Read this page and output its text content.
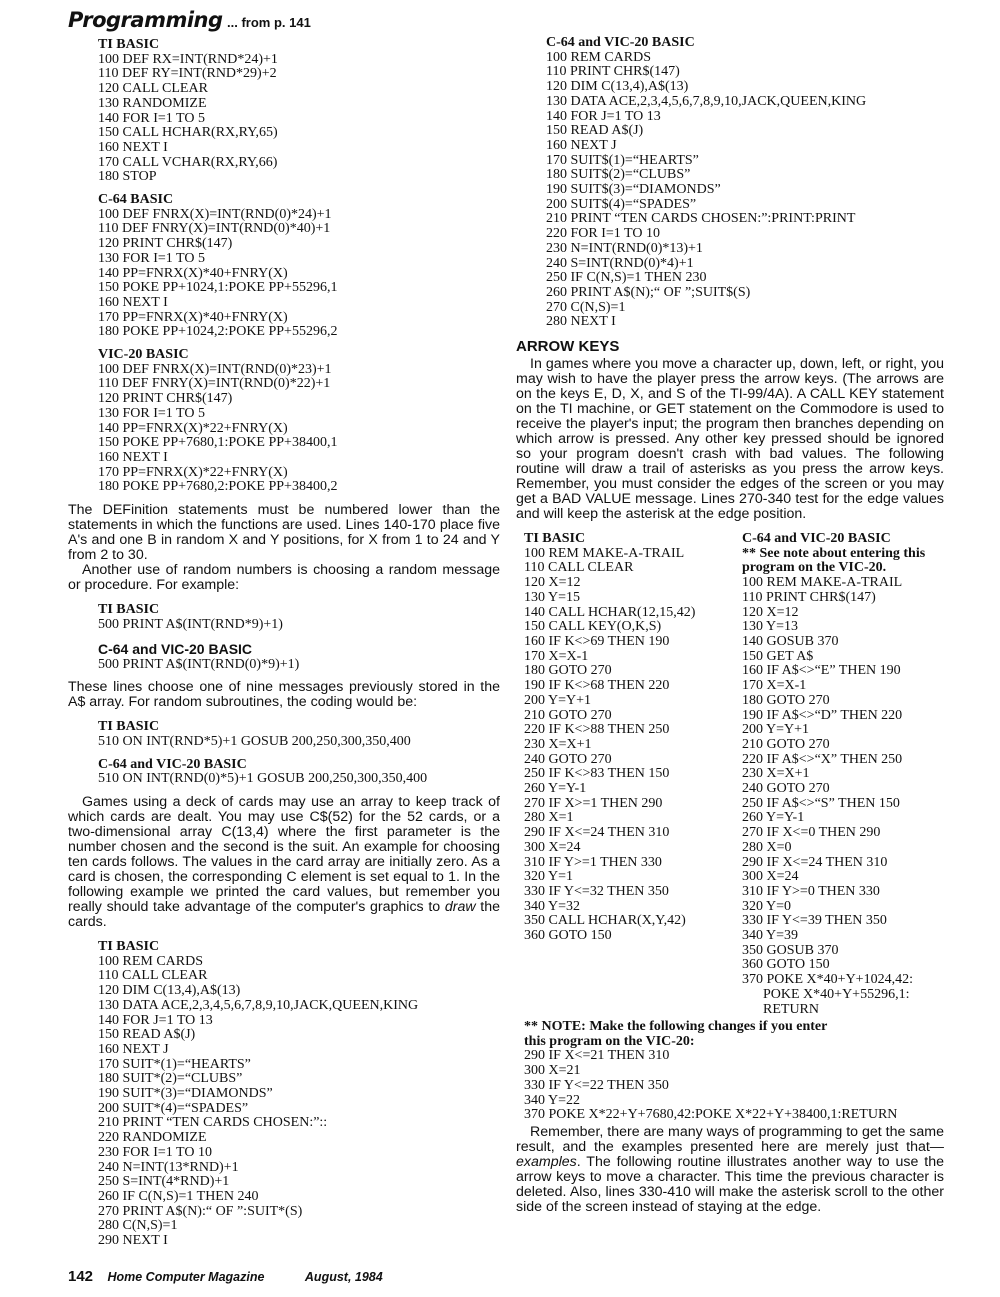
Programming ... from p. 141
TI BASIC
100 DEF RX=INT(RND*24)+1
110 DEF RY=INT(RND*29)+2
120 CALL CLEAR
130 RANDOMIZE
140 FOR I=1 TO 5
150 CALL HCHAR(RX,RY,65)
160 NEXT I
170 CALL VCHAR(RX,RY,66)
180 STOP
C-64 BASIC
100 DEF FNRX(X)=INT(RND(0)*24)+1
110 DEF FNRY(X)=INT(RND(0)*40)+1
120 PRINT CHR$(147)
130 FOR I=1 TO 5
140 PP=FNRX(X)*40+FNRY(X)
150 POKE PP+1024,1:POKE PP+55296,1
160 NEXT I
170 PP=FNRX(X)*40+FNRY(X)
180 POKE PP+1024,2:POKE PP+55296,2
VIC-20 BASIC
100 DEF FNRX(X)=INT(RND(0)*23)+1
110 DEF FNRY(X)=INT(RND(0)*22)+1
120 PRINT CHR$(147)
130 FOR I=1 TO 5
140 PP=FNRX(X)*22+FNRY(X)
150 POKE PP+7680,1:POKE PP+38400,1
160 NEXT I
170 PP=FNRX(X)*22+FNRY(X)
180 POKE PP+7680,2:POKE PP+38400,2

The DEFinition statements must be numbered lower than the statements in which the functions are used. Lines 140-170 place five A's and one B in random X and Y positions, for X from 1 to 24 and Y from 2 to 30.

Another use of random numbers is choosing a random message or procedure. For example:

TI BASIC
500 PRINT A$(INT(RND*9)+1)
C-64 and VIC-20 BASIC
500 PRINT A$(INT(RND(0)*9)+1)

These lines choose one of nine messages previously stored in the A$ array. For random subroutines, the coding would be:

TI BASIC
510 ON INT(RND*5)+1 GOSUB 200,250,300,350,400
C-64 and VIC-20 BASIC
510 ON INT(RND(0)*5)+1 GOSUB 200,250,300,350,400

Games using a deck of cards may use an array to keep track of which cards are dealt. You may use C$(52) for the 52 cards, or a two-dimensional array C(13,4) where the first parameter is the number chosen and the second is the suit. An example for choosing ten cards follows. The values in the card array are initially zero. As a card is chosen, the corresponding C element is set equal to 1. In the following example we printed the card values, but remember you really should take advantage of the computer's graphics to draw the cards.

TI BASIC
100 REM CARDS
110 CALL CLEAR
120 DIM C(13,4),A$(13)
130 DATA ACE,2,3,4,5,6,7,8,9,10,JACK,QUEEN,KING
140 FOR J=1 TO 13
150 READ A$(J)
160 NEXT J
170 SUIT*(1)=“HEARTS”
180 SUIT*(2)=“CLUBS”
190 SUIT*(3)=“DIAMONDS”
200 SUIT*(4)=“SPADES”
210 PRINT “TEN CARDS CHOSEN:”::
220 RANDOMIZE
230 FOR I=1 TO 10
240 N=INT(13*RND)+1
250 S=INT(4*RND)+1
260 IF C(N,S)=1 THEN 240
270 PRINT A$(N):“ OF ”:SUIT*(S)
280 C(N,S)=1
290 NEXT I
C-64 and VIC-20 BASIC
100 REM CARDS
110 PRINT CHR$(147)
120 DIM C(13,4),A$(13)
130 DATA ACE,2,3,4,5,6,7,8,9,10,JACK,QUEEN,KING
140 FOR J=1 TO 13
150 READ A$(J)
160 NEXT J
170 SUIT$(1)=“HEARTS”
180 SUIT$(2)=“CLUBS”
190 SUIT$(3)=“DIAMONDS”
200 SUIT$(4)=“SPADES”
210 PRINT “TEN CARDS CHOSEN:”:PRINT:PRINT
220 FOR I=1 TO 10
230 N=INT(RND(0)*13)+1
240 S=INT(RND(0)*4)+1
250 IF C(N,S)=1 THEN 230
260 PRINT A$(N);“ OF ”;SUIT$(S)
270 C(N,S)=1
280 NEXT I
ARROW KEYS

In games where you move a character up, down, left, or right, you may wish to have the player press the arrow keys. (The arrows are on the keys E, D, X, and S of the TI-99/4A). A CALL KEY statement on the TI machine, or GET statement on the Commodore is used to receive the player's input; the program then branches depending on which arrow is pressed. Any other key pressed should be ignored so your program doesn't crash with bad values. The following routine will draw a trail of asterisks as you press the arrow keys. Remember, you must consider the edges of the screen or you may get a BAD VALUE message. Lines 270-340 test for the edge values and will keep the asterisk at the edge position.

TI BASIC
100 REM MAKE-A-TRAIL
110 CALL CLEAR
120 X=12
130 Y=15
140 CALL HCHAR(12,15,42)
150 CALL KEY(O,K,S)
160 IF K<>69 THEN 190
170 X=X-1
180 GOTO 270
190 IF K<>68 THEN 220
200 Y=Y+1
210 GOTO 270
220 IF K<>88 THEN 250
230 X=X+1
240 GOTO 270
250 IF K<>83 THEN 150
260 Y=Y-1
270 IF X>=1 THEN 290
280 X=1
290 IF X<=24 THEN 310
300 X=24
310 IF Y>=1 THEN 330
320 Y=1
330 IF Y<=32 THEN 350
340 Y=32
350 CALL HCHAR(X,Y,42)
360 GOTO 150
C-64 and VIC-20 BASIC
** See note about entering this
program on the VIC-20.
100 REM MAKE-A-TRAIL
110 PRINT CHR$(147)
120 X=12
130 Y=13
140 GOSUB 370
150 GET A$
160 IF A$<>“E” THEN 190
170 X=X-1
180 GOTO 270
190 IF A$<>“D” THEN 220
200 Y=Y+1
210 GOTO 270
220 IF A$<>“X” THEN 250
230 X=X+1
240 GOTO 270
250 IF A$<>“S” THEN 150
260 Y=Y-1
270 IF X<=0 THEN 290
280 X=0
290 IF X<=24 THEN 310
300 X=24
310 IF Y>=0 THEN 330
320 Y=0
330 IF Y<=39 THEN 350
340 Y=39
350 GOSUB 370
360 GOTO 150
370 POKE X*40+Y+1024,42:
POKE X*40+Y+55296,1:
RETURN
** NOTE: Make the following changes if you enter
this program on the VIC-20:
290 IF X<=21 THEN 310
300 X=21
330 IF Y<=22 THEN 350
340 Y=22
370 POKE X*22+Y+7680,42:POKE X*22+Y+38400,1:RETURN

Remember, there are many ways of programming to get the same result, and the examples presented here are merely just that—examples. The following routine illustrates another way to use the arrow keys to move a character. This time the previous character is deleted. Also, lines 330-410 will make the asterisk scroll to the other side of the screen instead of staying at the edge.

142 Home Computer Magazine	August, 1984
